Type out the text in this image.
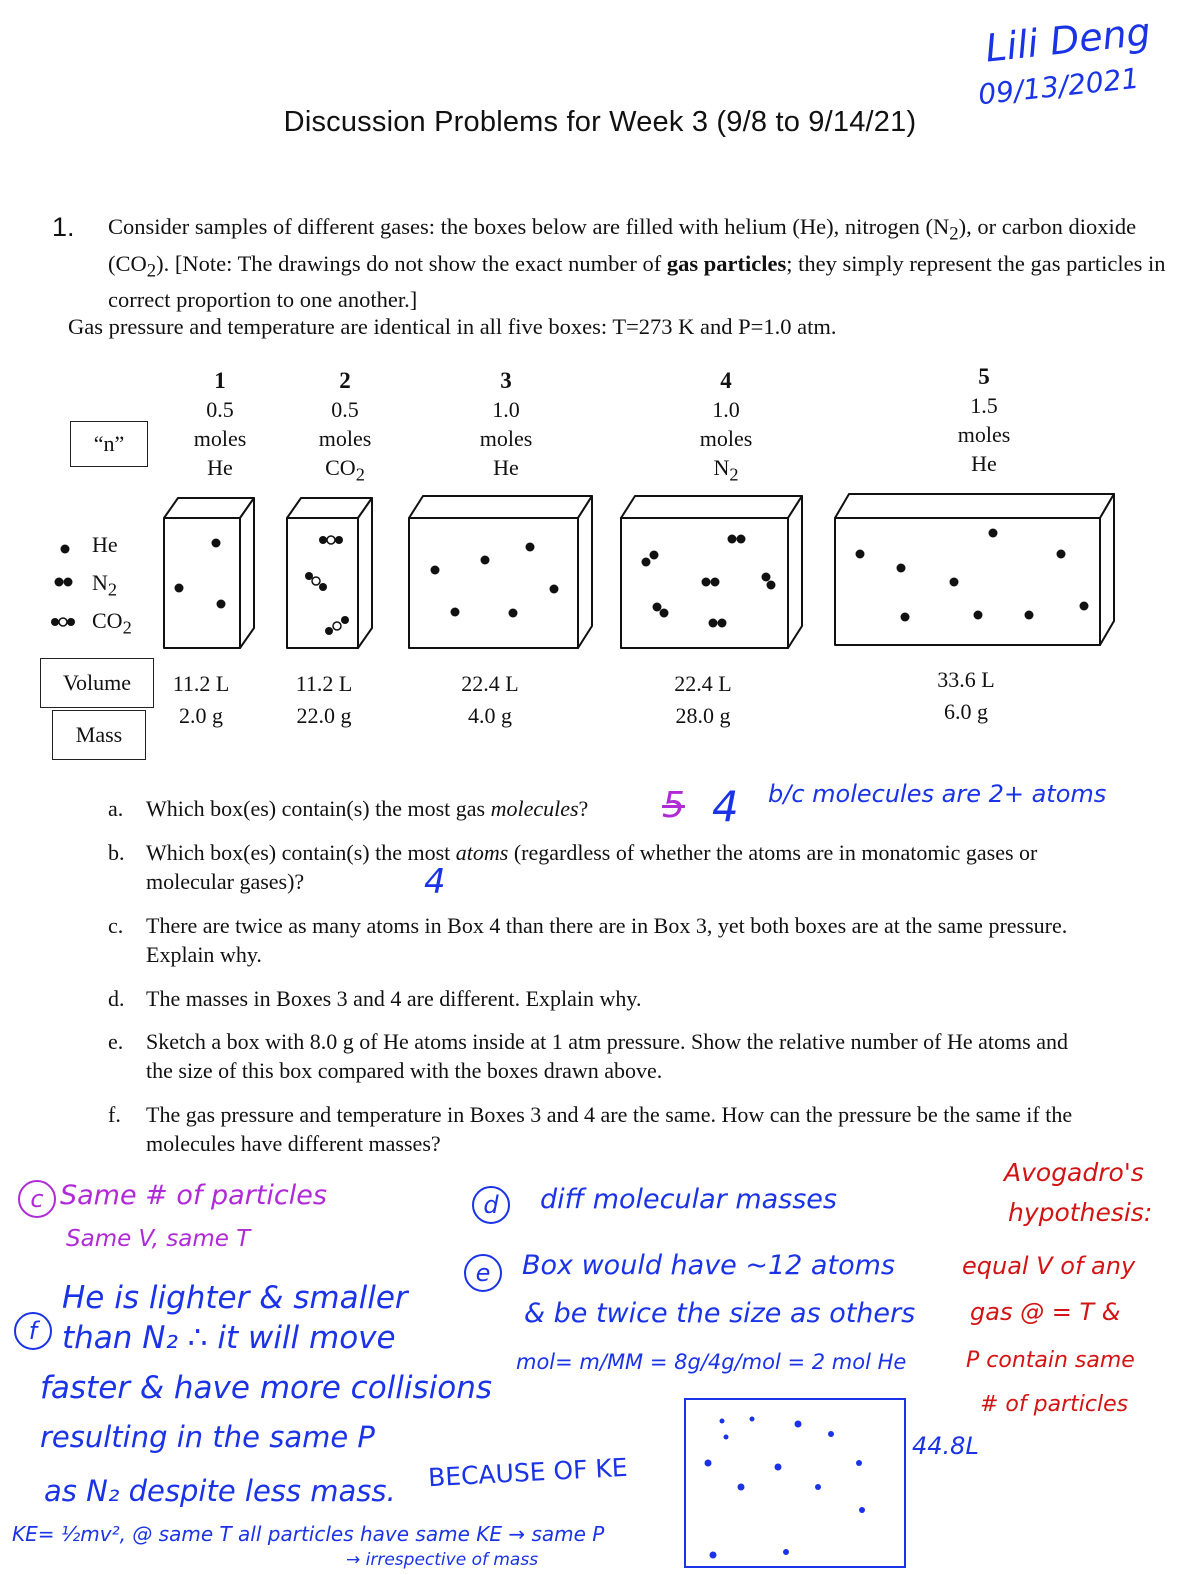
Lili Deng
09/13/2021
Discussion Problems for Week 3 (9/8 to 9/14/21)
1. Consider samples of different gases: the boxes below are filled with helium (He), nitrogen $(N_2)$, or carbon dioxide $(CO_2)$. [Note: The drawings do not show the exact number of gas particles; they simply represent the gas particles in correct proportion to one another.]
Gas pressure and temperature are identical in all five boxes: T=273 K and P=1.0 atm.
1
0.5
moles
He
2
0.5
moles
$CO_2$
3
1.0
moles
He
4
1.0
moles
$N_2$
5
1.5
moles
He
“n”
Volume
Mass
He
$N_2$
$CO_2$
11.2 L
2.0 g
11.2 L
22.0 g
22.4 L
4.0 g
22.4 L
28.0 g
33.6 L
6.0 g
a. Which box(es) contain(s) the most gas molecules?
b. Which box(es) contain(s) the most atoms (regardless of whether the atoms are in monatomic gases or molecular gases)?
c. There are twice as many atoms in Box 4 than there are in Box 3, yet both boxes are at the same pressure. Explain why.
d. The masses in Boxes 3 and 4 are different. Explain why.
e. Sketch a box with 8.0 g of He atoms inside at 1 atm pressure. Show the relative number of He atoms and the size of this box compared with the boxes drawn above.
f. The gas pressure and temperature in Boxes 3 and 4 are the same. How can the pressure be the same if the molecules have different masses?
5 4 b/c molecules are 2+ atoms
4
c Same # of particles
Same V, same T
d	diff molecular masses
e	Box would have ~12 atoms
& be twice the size as others
mol= m/MM = 8g/4g/mol = 2 mol He
44.8L
f
He is lighter & smaller
than N₂ ∴ it will move
faster & have more collisions
resulting in the same P
as N₂ despite less mass. BECAUSE OF KE
KE= ½mv², @ same T all particles have same KE → same P
→ irrespective of mass
Avogadro's
hypothesis:
equal V of any
gas @ = T &
P contain same
# of particles
